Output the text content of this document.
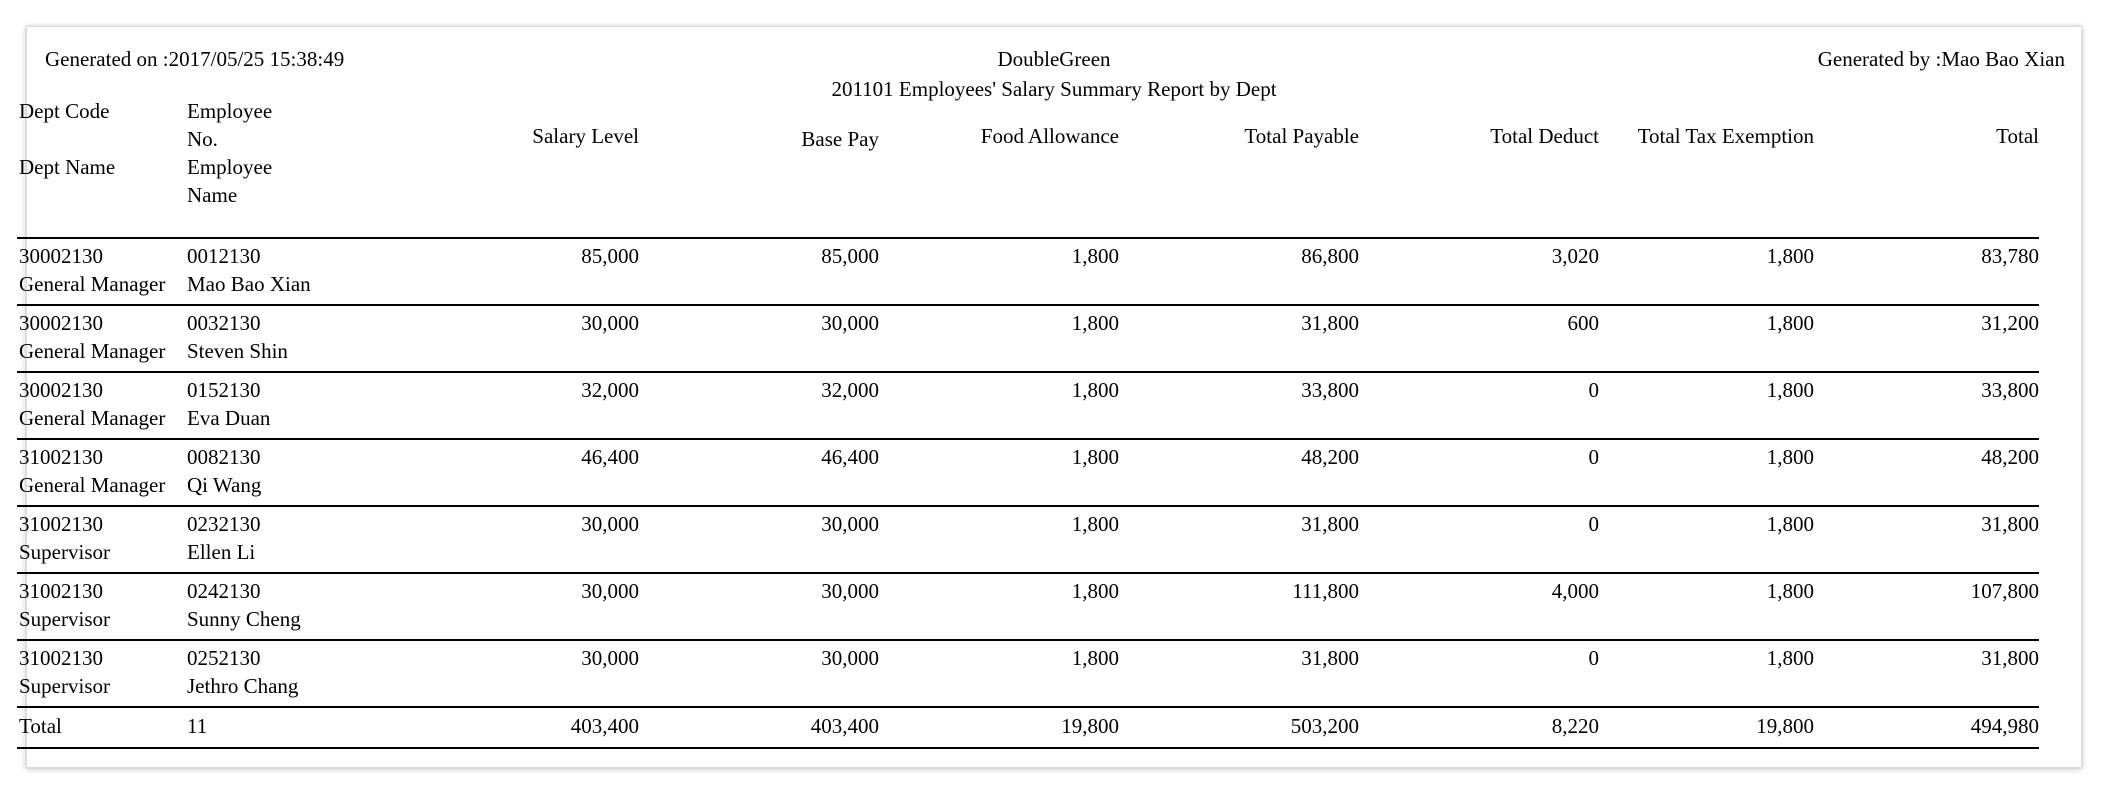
Generated on :2017/05/25 15:38:49	DoubleGreen
201101 Employees' Salary Summary Report by Dept
Generated by :Mao Bao Xian
Dept Code
Dept Name	Employee
No.
Employee
Name	Salary Level	Base Pay	Food Allowance	Total Payable	Total Deduct	Total Tax Exemption	Total

30002130
General Manager	0012130
Mao Bao Xian	85,000	85,000	1,800	86,800	3,020	1,800	83,780

30002130
General Manager	0032130
Steven Shin	30,000	30,000	1,800	31,800	600	1,800	31,200

30002130
General Manager	0152130
Eva Duan	32,000	32,000	1,800	33,800	0	1,800	33,800

31002130
General Manager	0082130
Qi Wang	46,400	46,400	1,800	48,200	0	1,800	48,200

31002130
Supervisor	0232130
Ellen Li	30,000	30,000	1,800	31,800	0	1,800	31,800

31002130
Supervisor	0242130
Sunny Cheng	30,000	30,000	1,800	111,800	4,000	1,800	107,800

31002130
Supervisor	0252130
Jethro Chang	30,000	30,000	1,800	31,800	0	1,800	31,800
Total	11	403,400	403,400	19,800	503,200	8,220	19,800	494,980
